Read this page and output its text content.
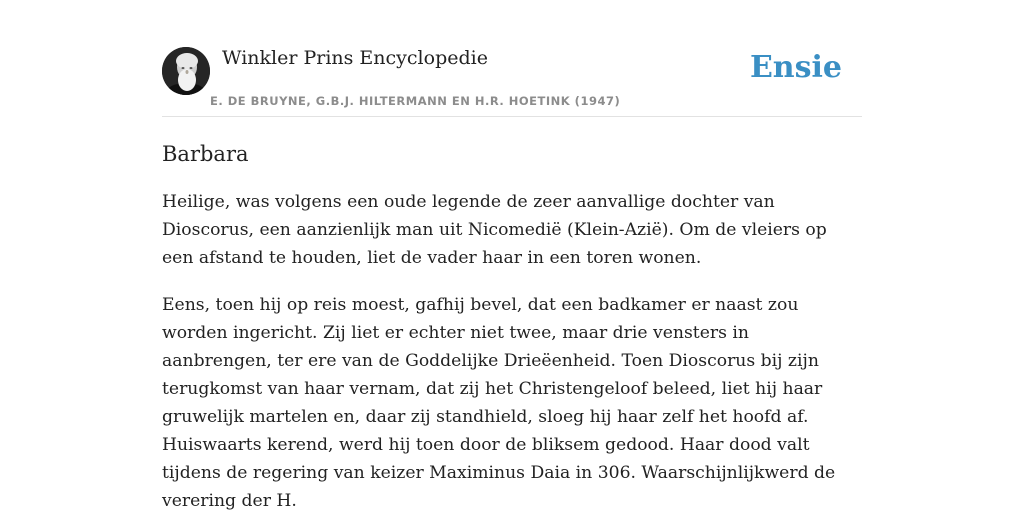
Winkler Prins Encyclopedie
E. DE BRUYNE, G.B.J. HILTERMANN EN H.R. HOETINK (1947)
Ensie
Barbara

Heilige, was volgens een oude legende de zeer aanvallige dochter van Dioscorus, een aanzienlijk man uit Nicomedië (Klein-Azië). Om de vleiers op een afstand te houden, liet de vader haar in een toren wonen.

Eens, toen hij op reis moest, gafhij bevel, dat een badkamer er naast zou worden ingericht. Zij liet er echter niet twee, maar drie vensters in aanbrengen, ter ere van de Goddelijke Drieëenheid. Toen Dioscorus bij zijn terugkomst van haar vernam, dat zij het Christengeloof beleed, liet hij haar gruwelijk martelen en, daar zij standhield, sloeg hij haar zelf het hoofd af. Huiswaarts kerend, werd hij toen door de bliksem gedood. Haar dood valt tijdens de regering van keizer Maximinus Daia in 306. Waarschijnlijkwerd de verering der H.
